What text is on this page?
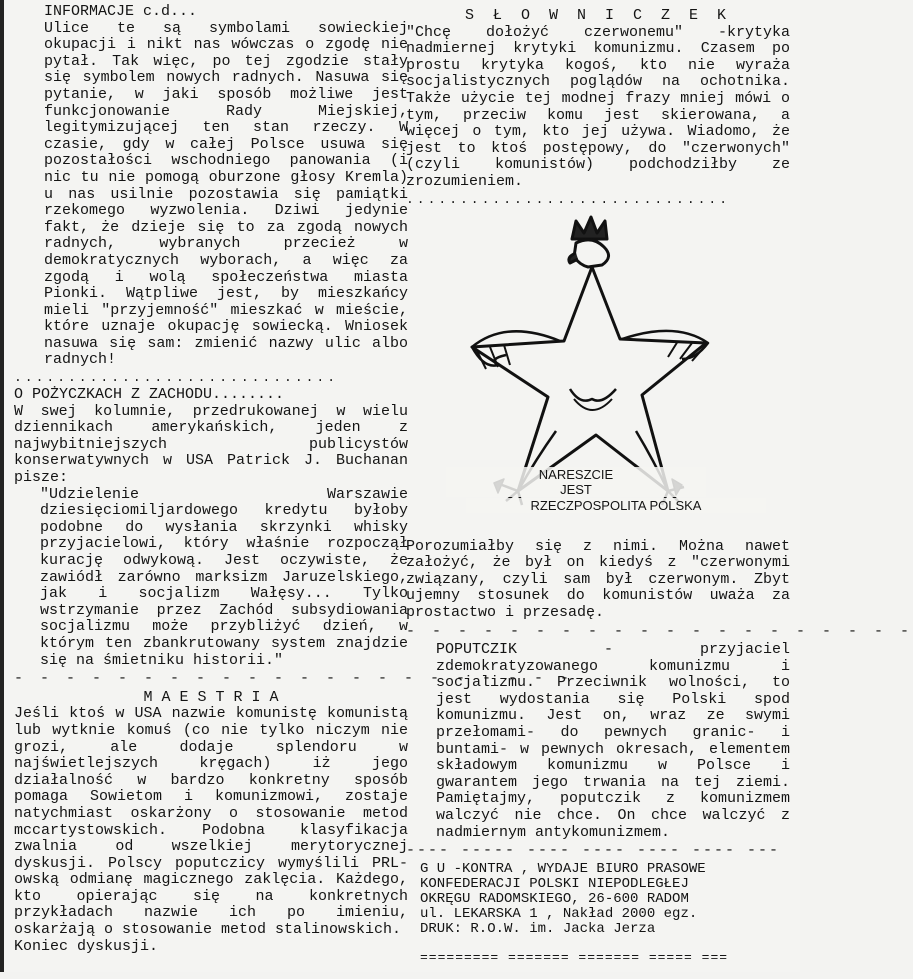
INFORMACJE c.d...

Ulice te są symbolami sowieckiej okupacji i nikt nas wówczas o zgodę nie pytał. Tak więc, po tej zgodzie stały się symbolem nowych radnych. Nasuwa się pytanie, w jaki sposób możliwe jest funkcjonowanie Rady Miejskiej, legitymizującej ten stan rzeczy. W czasie, gdy w całej Polsce usuwa się pozostałości wschodniego panowania (i nic tu nie pomogą oburzone głosy Kremla) u nas usilnie pozostawia się pamiątki rzekomego wyzwolenia. Dziwi jedynie fakt, że dzieje się to za zgodą nowych radnych, wybranych przecież w demokratycznych wyborach, a więc za zgodą i wolą społeczeństwa miasta Pionki. Wątpliwe jest, by mieszkańcy mieli "przyjemność" mieszkać w mieście, które uznaje okupację sowiecką. Wniosek nasuwa się sam: zmienić nazwy ulic albo radnych!

..............................

O POŻYCZKACH Z ZACHODU........

W swej kolumnie, przedrukowanej w wielu dziennikach amerykańskich, jeden z najwybitniejszych publicystów konserwatywnych w USA Patrick J. Buchanan pisze:

"Udzielenie Warszawie dziesięciomiljardowego kredytu byłoby podobne do wysłania skrzynki whisky przyjacielowi, który właśnie rozpoczął kurację odwykową. Jest oczywiste, że zawiódł zarówno marksizm Jaruzelskiego, jak i socjalizm Wałęsy... Tylko wstrzymanie przez Zachód subsydiowania socjalizmu może przybliżyć dzień, w którym ten zbankrutowany system znajdzie się na śmietniku historii."

- - - - - - - - - - - - - - - - - - - - - -

M A E S T R I A

Jeśli ktoś w USA nazwie komunistę komunistą lub wytknie komuś (co nie tylko niczym nie grozi, ale dodaje splendoru w najświetlejszych kręgach) iż jego działalność w bardzo konkretny sposób pomaga Sowietom i komunizmowi, zostaje natychmiast oskarżony o stosowanie metod mccartystowskich. Podobna klasyfikacja zwalnia od wszelkiej merytorycznej dyskusji. Polscy poputczicy wymyślili PRL-owską odmianę magicznego zaklęcia. Każdego, kto opierając się na konkretnych przykładach nazwie ich po imieniu, oskarżają o stosowanie metod stalinowskich.

Koniec dyskusji.

S Ł O W N I C Z E K

"Chcę dołożyć czerwonemu" -krytyka nadmiernej krytyki komunizmu. Czasem po prostu krytyka kogoś, kto nie wyraża socjalistycznych poglądów na ochotnika. Także użycie tej modnej frazy mniej mówi o tym, przeciw komu jest skierowana, a więcej o tym, kto jej używa. Wiadomo, że jest to ktoś postępowy, do "czerwonych" (czyli komunistów) podchodziłby ze zrozumieniem.

..............................

NARESZCIE
JEST
RZECZPOSPOLITA POLSKA

Porozumiałby się z nimi. Można nawet założyć, że był on kiedyś z "czerwonymi związany, czyli sam był czerwonym. Zbyt ujemny stosunek do komunistów uważa za prostactwo i przesadę.

- - - - - - - - - - - - - - - - - - - -

POPUTCZIK - przyjaciel zdemokratyzowanego komunizmu i socjalizmu. Przeciwnik wolności, to jest wydostania się Polski spod komunizmu. Jest on, wraz ze swymi przełomami- do pewnych granic- i buntami- w pewnych okresach, elementem składowym komunizmu w Polsce i gwarantem jego trwania na tej ziemi. Pamiętajmy, poputczik z komunizmem walczyć nie chce. On chce walczyć z nadmiernym antykomunizmem.

---- ----- ---- ---- ---- ---- ---

G U -KONTRA , WYDAJE BIURO PRASOWE

KONFEDERACJI POLSKI NIEPODLEGŁEJ

OKRĘGU RADOMSKIEGO, 26-600 RADOM

ul. LEKARSKA 1 , Nakład 2000 egz.

DRUK: R.O.W. im. Jacka Jerza

========= ======= ======= ===== ===
